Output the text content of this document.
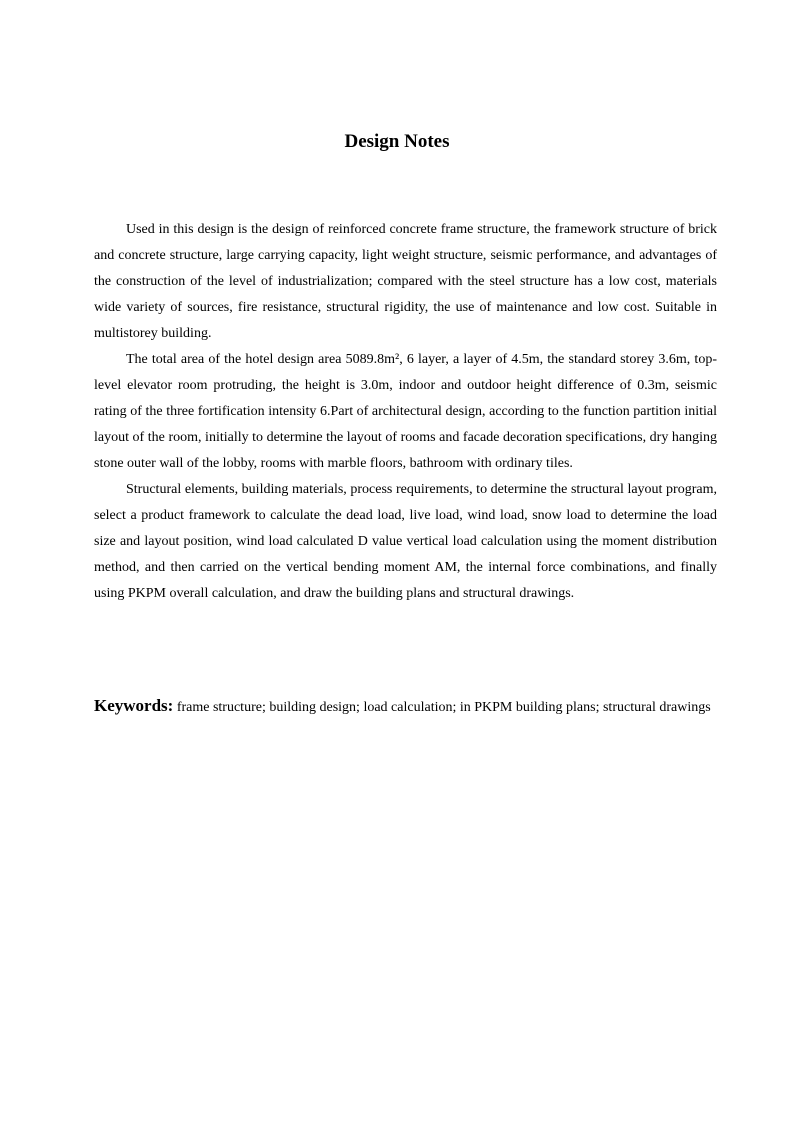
Design Notes

Used in this design is the design of reinforced concrete frame structure, the framework structure of brick and concrete structure, large carrying capacity, light weight structure, seismic performance, and advantages of the construction of the level of industrialization; compared with the steel structure has a low cost, materials wide variety of sources, fire resistance, structural rigidity, the use of maintenance and low cost. Suitable in multistorey building.

The total area of the hotel design area 5089.8m², 6 layer, a layer of 4.5m, the standard storey 3.6m, top-level elevator room protruding, the height is 3.0m, indoor and outdoor height difference of 0.3m, seismic rating of the three fortification intensity 6.Part of architectural design, according to the function partition initial layout of the room, initially to determine the layout of rooms and facade decoration specifications, dry hanging stone outer wall of the lobby, rooms with marble floors, bathroom with ordinary tiles.

Structural elements, building materials, process requirements, to determine the structural layout program, select a product framework to calculate the dead load, live load, wind load, snow load to determine the load size and layout position, wind load calculated D value vertical load calculation using the moment distribution method, and then carried on the vertical bending moment AM, the internal force combinations, and finally using PKPM overall calculation, and draw the building plans and structural drawings.

Keywords: frame structure; building design; load calculation; in PKPM building plans; structural drawings
